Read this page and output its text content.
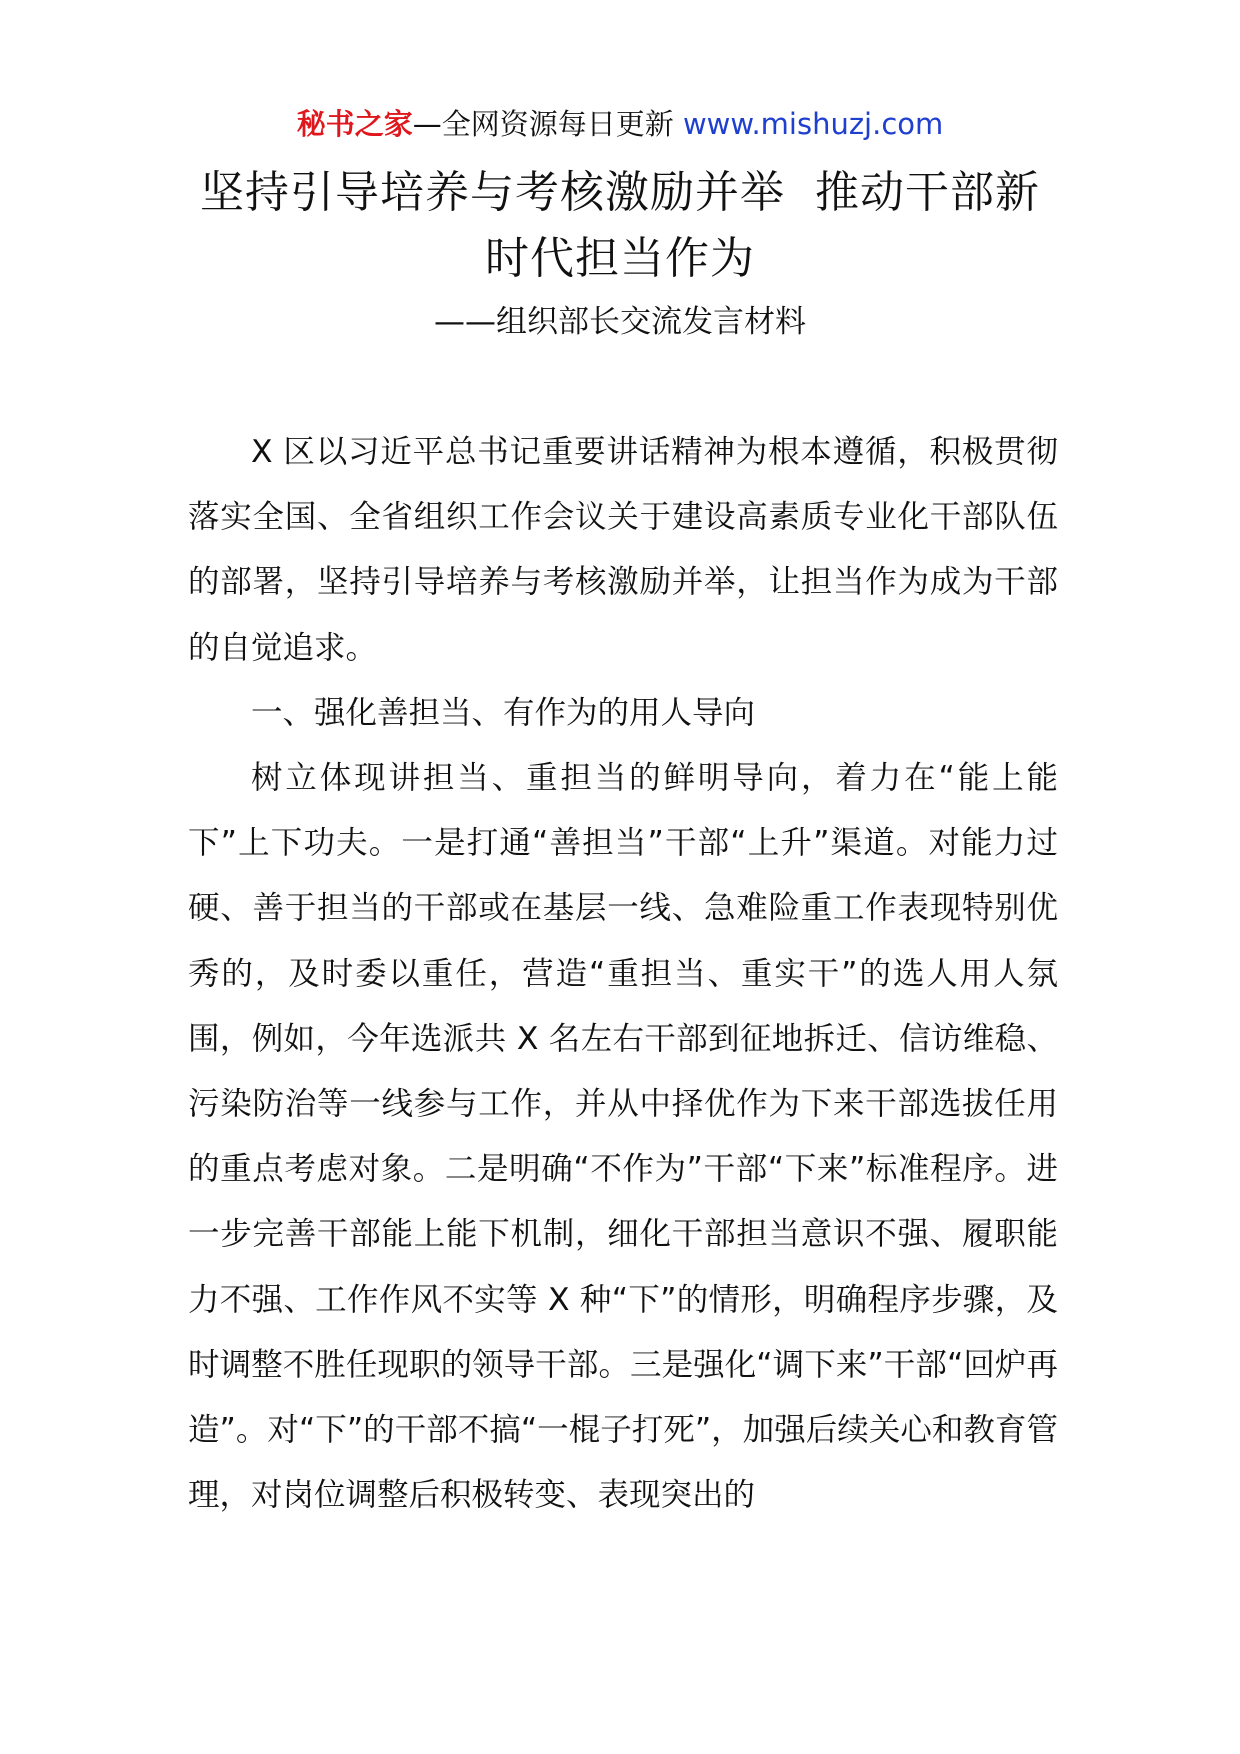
秘书之家—全网资源每日更新 www.mishuzj.com
坚持引导培养与考核激励并举  推动干部新
时代担当作为
——组织部长交流发言材料

X 区以习近平总书记重要讲话精神为根本遵循，积极贯彻落实全国、全省组织工作会议关于建设高素质专业化干部队伍的部署，坚持引导培养与考核激励并举，让担当作为成为干部的自觉追求。

一、强化善担当、有作为的用人导向

树立体现讲担当、重担当的鲜明导向，着力在“能上能下”上下功夫。一是打通“善担当”干部“上升”渠道。对能力过硬、善于担当的干部或在基层一线、急难险重工作表现特别优秀的，及时委以重任，营造“重担当、重实干”的选人用人氛围，例如，今年选派共 X 名左右干部到征地拆迁、信访维稳、污染防治等一线参与工作，并从中择优作为下来干部选拔任用的重点考虑对象。二是明确“不作为”干部“下来”标准程序。进一步完善干部能上能下机制，细化干部担当意识不强、履职能力不强、工作作风不实等 X 种“下”的情形，明确程序步骤，及时调整不胜任现职的领导干部。三是强化“调下来”干部“回炉再造”。对“下”的干部不搞“一棍子打死”，加强后续关心和教育管理，对岗位调整后积极转变、表现突出的
